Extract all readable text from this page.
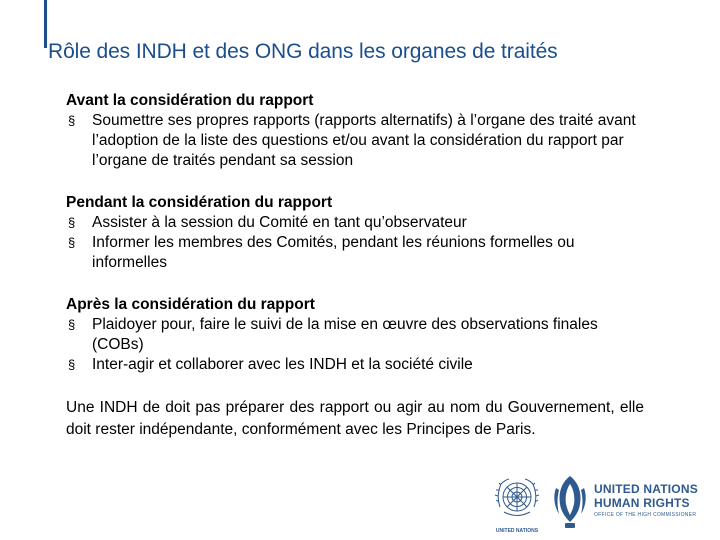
Rôle des INDH et des ONG dans les organes de traités
Avant la considération du rapport
§ Soumettre ses propres rapports (rapports alternatifs) à l’organe des traité avant l’adoption de la liste des questions et/ou avant la considération du rapport par l’organe de traités pendant sa session
Pendant la considération du rapport
§ Assister à la session du Comité en tant qu’observateur
§ Informer les membres des Comités, pendant les réunions formelles ou informelles
Après la considération du rapport
§ Plaidoyer pour, faire le suivi de la mise en œuvre des observations finales (COBs)
§ Inter-agir et collaborer avec les INDH et la société civile
Une INDH de doit pas préparer des rapport ou agir au nom du Gouvernement, elle doit rester indépendante, conformément avec les Principes de Paris.
UNITED NATIONS
UNITED NATIONS
HUMAN RIGHTS
OFFICE OF THE HIGH COMMISSIONER
